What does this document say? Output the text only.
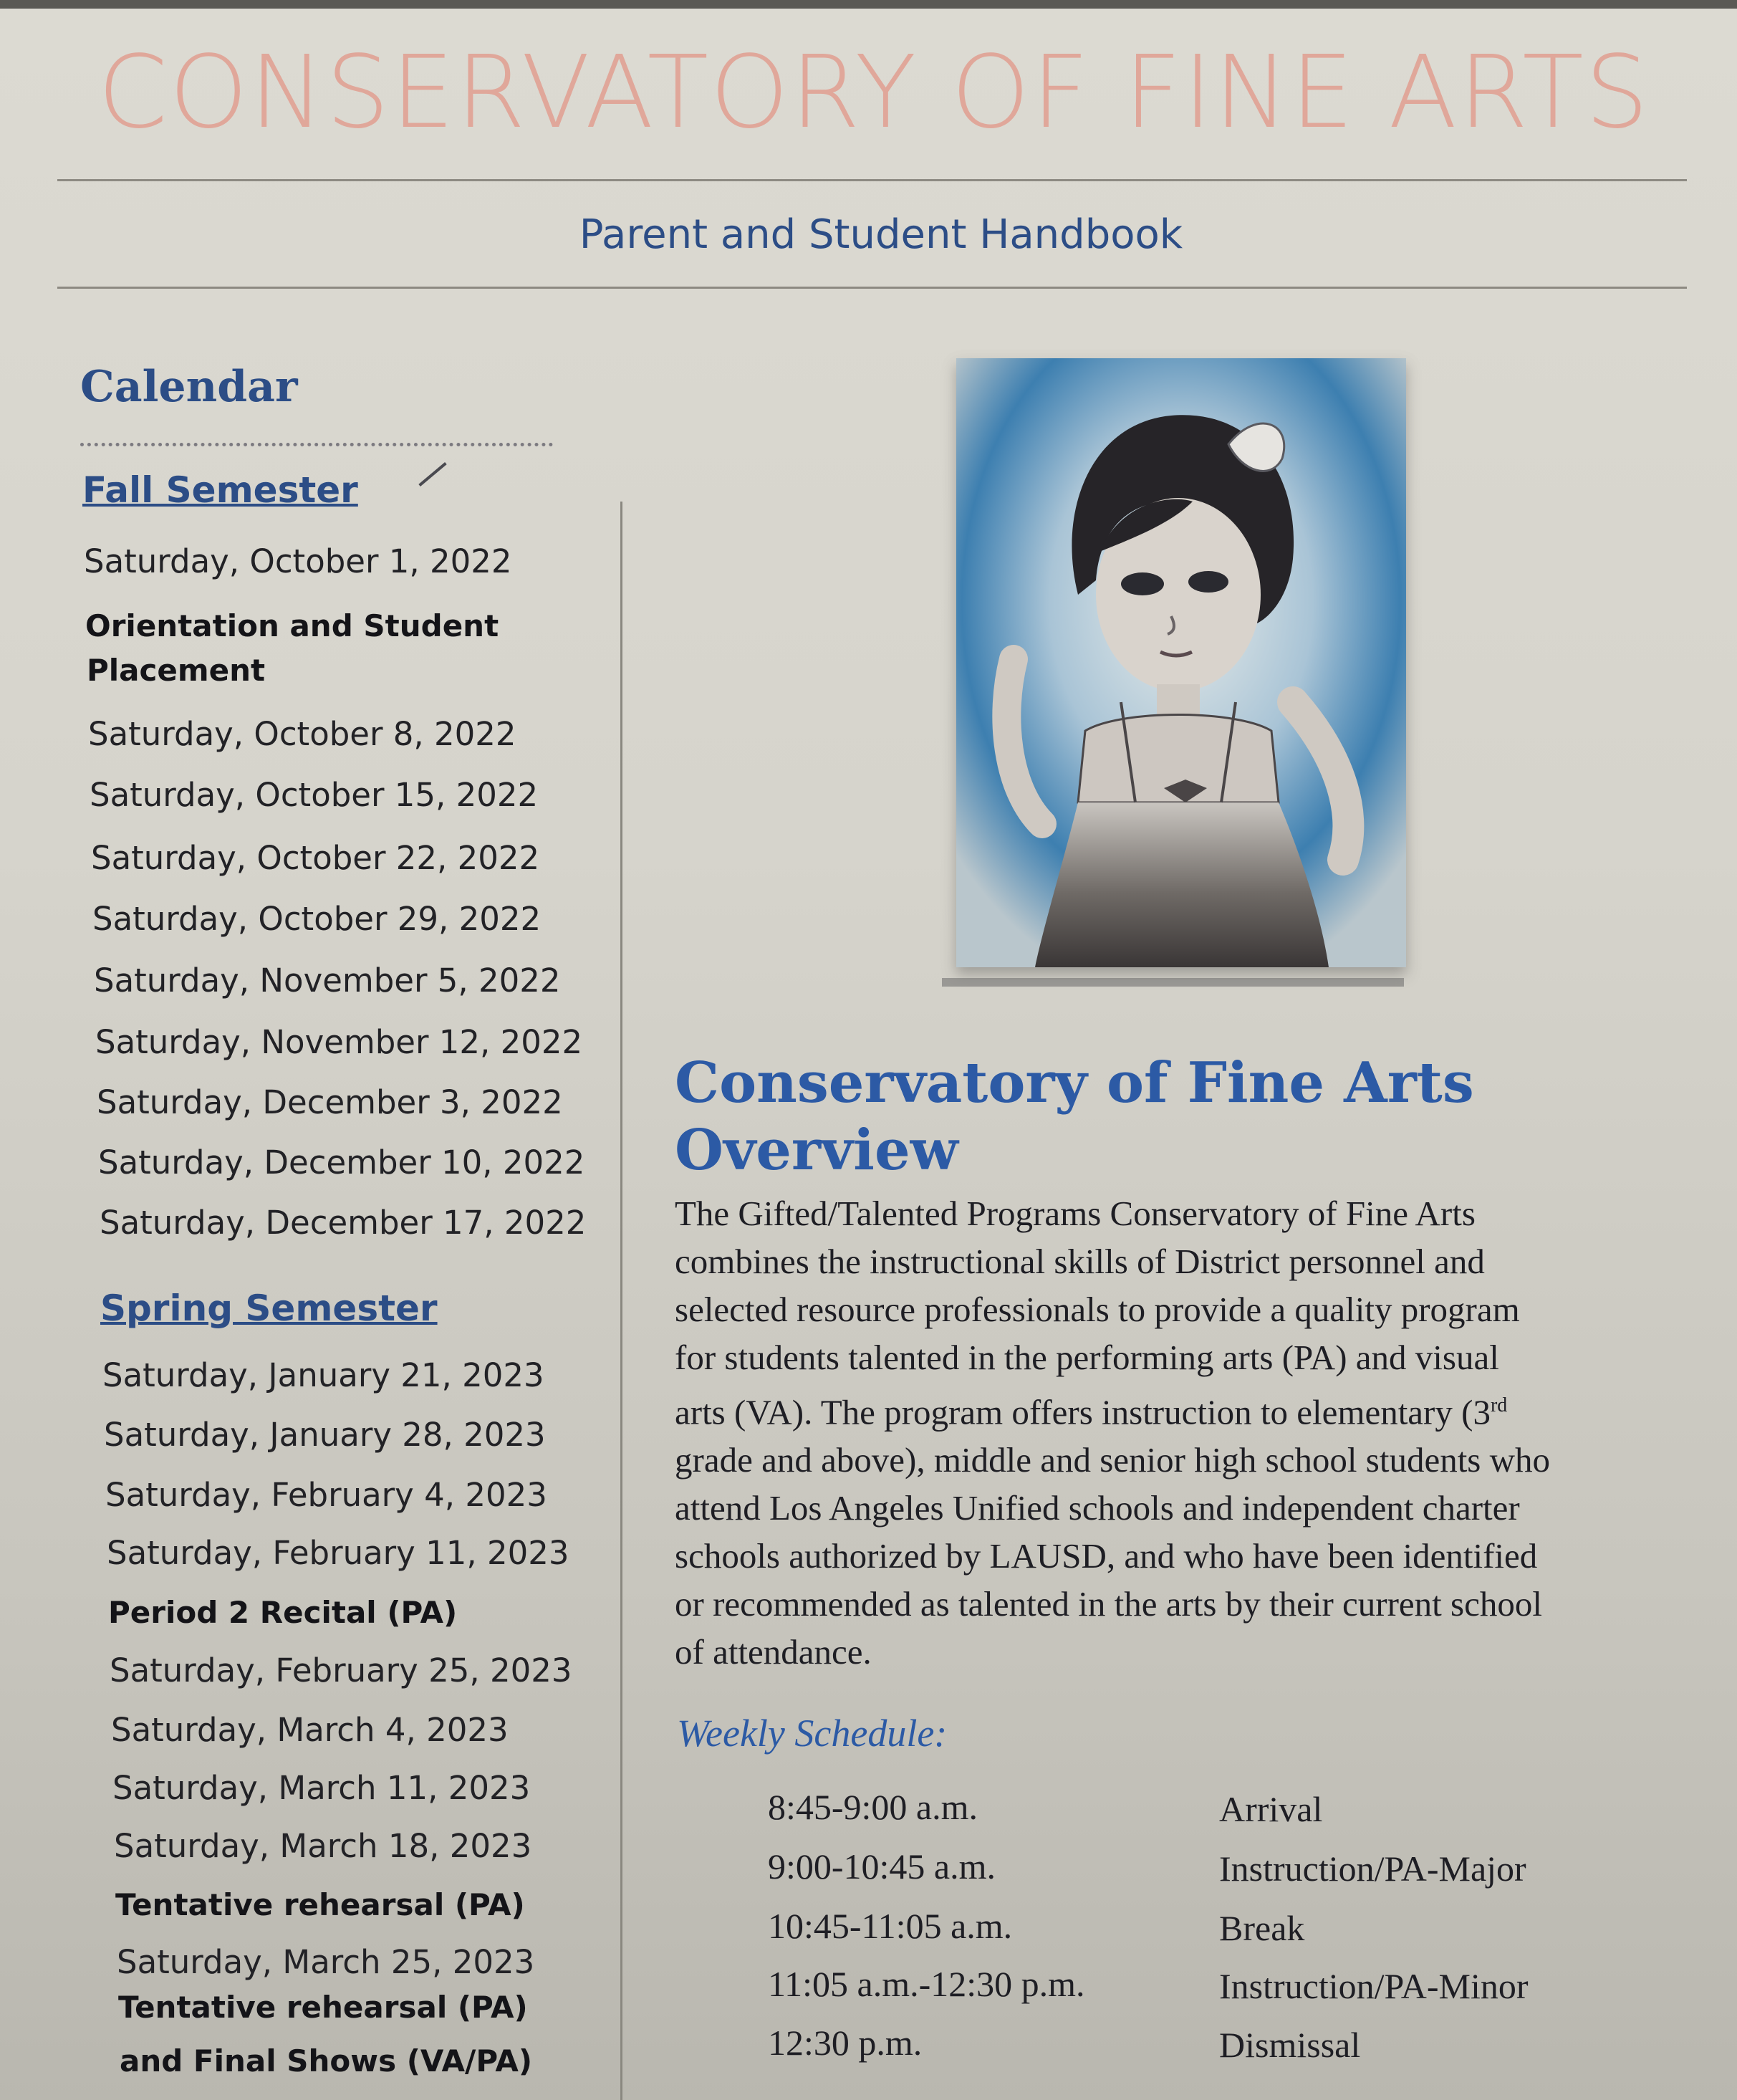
CONSERVATORY OF FINE ARTS
Parent and Student Handbook
Calendar
Fall Semester
Saturday, October 1, 2022
Orientation and Student
Placement
Saturday, October 8, 2022
Saturday, October 15, 2022
Saturday, October 22, 2022
Saturday, October 29, 2022
Saturday, November 5, 2022
Saturday, November 12, 2022
Saturday, December 3, 2022
Saturday, December 10, 2022
Saturday, December 17, 2022
Spring Semester
Saturday, January 21, 2023
Saturday, January 28, 2023
Saturday, February 4, 2023
Saturday, February 11, 2023
Period 2 Recital (PA)
Saturday, February 25, 2023
Saturday, March 4, 2023
Saturday, March 11, 2023
Saturday, March 18, 2023
Tentative rehearsal (PA)
Saturday, March 25, 2023
Tentative rehearsal (PA)
and Final Shows (VA/PA)
Conservatory of Fine Arts
Overview
The Gifted/Talented Programs Conservatory of Fine Arts
combines the instructional skills of District personnel and
selected resource professionals to provide a quality program
for students talented in the performing arts (PA) and visual
arts (VA). The program offers instruction to elementary (3rd
grade and above), middle and senior high school students who
attend Los Angeles Unified schools and independent charter
schools authorized by LAUSD, and who have been identified
or recommended as talented in the arts by their current school
of attendance.
Weekly Schedule:
8:45-9:00 a.m.	Arrival
9:00-10:45 a.m.	Instruction/PA-Major
10:45-11:05 a.m.	Break
11:05 a.m.-12:30 p.m.	Instruction/PA-Minor
12:30 p.m.	Dismissal
